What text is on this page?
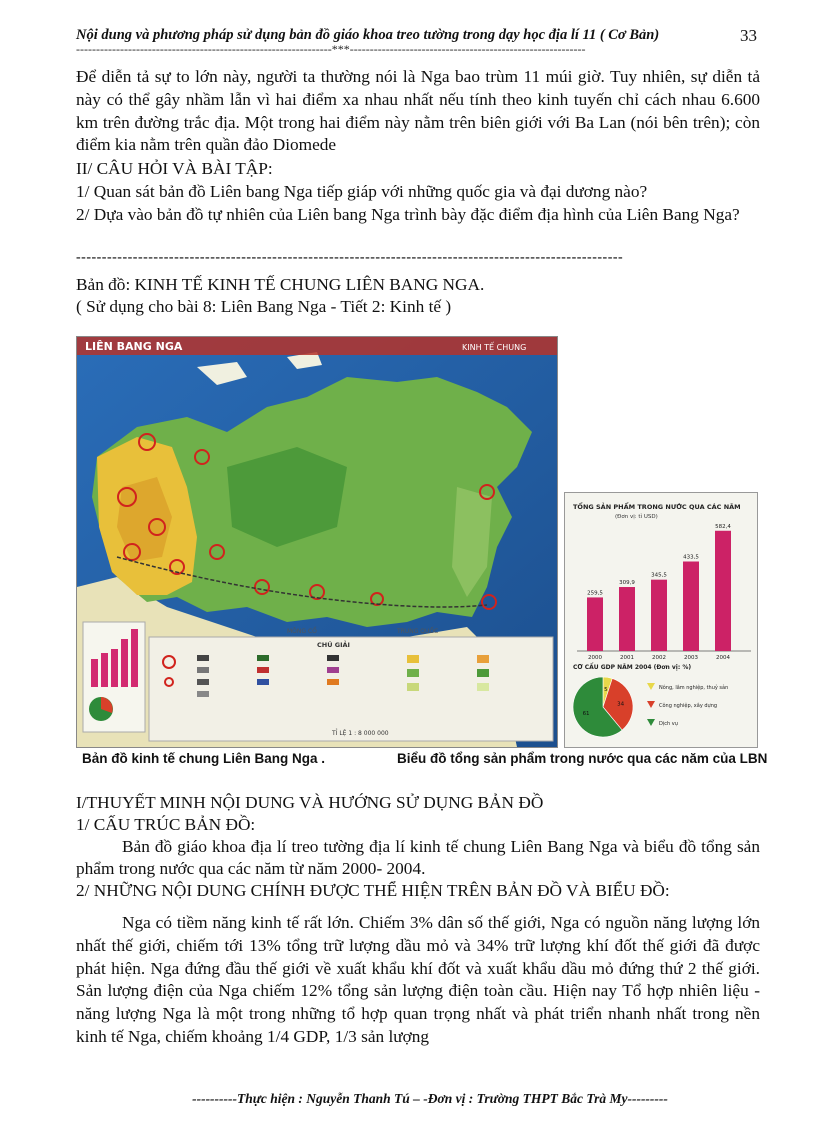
Nội dung và phương pháp sử dụng bản đồ giáo khoa treo tường trong dạy học địa lí 11 ( Cơ Bản)	33
----------------------------------------------------------------***-----------------------------------------------------------

Để diễn tả sự to lớn này, người ta thường nói là Nga bao trùm 11 múi giờ. Tuy nhiên, sự diễn tả này có thể gây nhầm lẫn vì hai điểm xa nhau nhất nếu tính theo kinh tuyến chỉ cách nhau 6.600 km trên đường trắc địa. Một trong hai điểm này nằm trên biên giới với Ba Lan (nói bên trên); còn điểm kia nằm trên quần đảo Diomede

II/ CÂU HỎI VÀ BÀI TẬP:

1/ Quan sát bản đồ Liên bang Nga tiếp giáp với những quốc gia và đại dương nào?

2/ Dựa vào bản đồ tự nhiên của Liên bang Nga trình bày đặc điểm địa hình của Liên Bang Nga?

----------------------------------------------------------------------------------------------------------
Bản đồ: KINH TẾ KINH TẾ CHUNG LIÊN BANG NGA.
( Sử dụng cho bài 8: Liên Bang Nga - Tiết 2: Kinh tế )
LIÊN BANG NGA	KINH TẾ CHUNG
CHÚ GIẢI
TỈ LỆ 1 : 8 000 000
MÔNG CỔ	TRUNG QUỐC
TỔNG SẢN PHẨM TRONG NƯỚC QUA CÁC NĂM
(Đơn vị: tỉ USD)
259,5
2000
309,9
2001
345,5
2002
433,5
2003
582,4
2004
CƠ CẤU GDP NĂM 2004 (Đơn vị: %)
5
34
61
Nông, lâm nghiệp, thuỷ sản
Công nghiệp, xây dựng
Dịch vụ
Bản đồ kinh tế chung Liên Bang Nga .	Biểu đồ tổng sản phẩm trong nước qua các năm của LBN
I/THUYẾT MINH NỘI DUNG VÀ HƯỚNG SỬ DỤNG BẢN ĐỒ
1/ CẤU TRÚC BẢN ĐỒ:
Bản đồ giáo khoa địa lí treo tường địa lí kinh tế chung Liên Bang Nga và biểu đồ tổng sản phẩm trong nước qua các năm từ năm 2000- 2004.
2/ NHỮNG NỘI DUNG CHÍNH ĐƯỢC THỂ HIỆN TRÊN BẢN ĐỒ VÀ BIỂU ĐỒ:

Nga có tiềm năng kinh tế rất lớn. Chiếm 3% dân số thế giới, Nga có nguồn năng lượng lớn nhất thế giới, chiếm tới 13% tổng trữ lượng dầu mỏ và 34% trữ lượng khí đốt thế giới đã được phát hiện. Nga đứng đầu thế giới về xuất khẩu khí đốt và xuất khẩu dầu mỏ đứng thứ 2 thế giới. Sản lượng điện của Nga chiếm 12% tổng sản lượng điện toàn cầu. Hiện nay Tổ hợp nhiên liệu - năng lượng Nga là một trong những tổ hợp quan trọng nhất và phát triển nhanh nhất trong nền kinh tế Nga, chiếm khoảng 1/4 GDP, 1/3 sản lượng

----------Thực hiện : Nguyễn Thanh Tú – -Đơn vị : Trường THPT Bắc Trà My---------
